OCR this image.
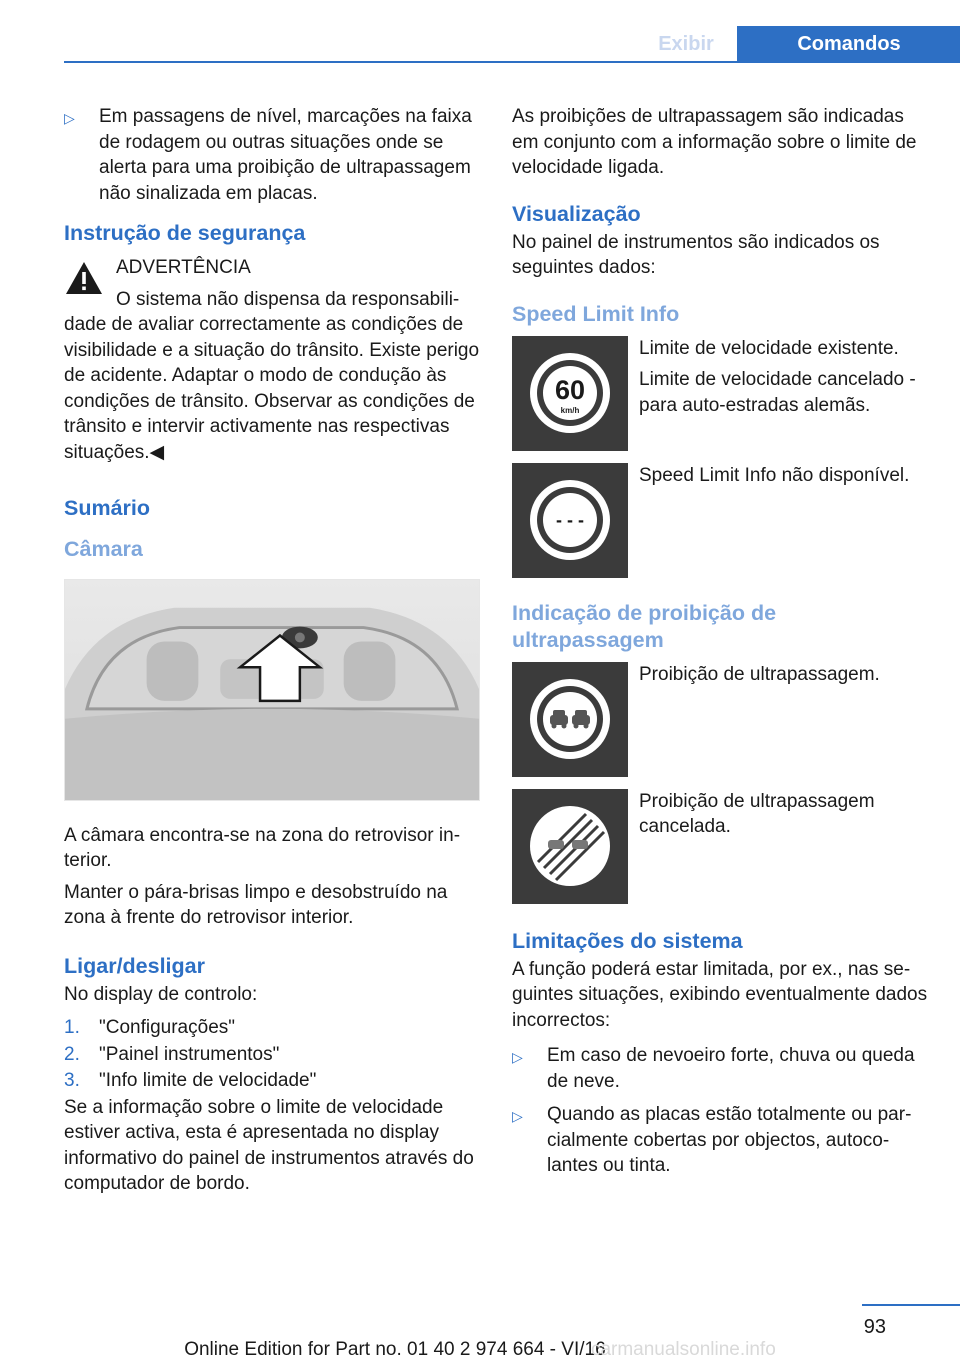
Exibir	Comandos
▷	Em passagens de nível, marcações na faixa de rodagem ou outras situações onde se alerta para uma proibição de ultrapassagem não sinalizada em placas.
Instrução de segurança
ADVERTÊNCIA
O sistema não dispensa da responsabilidade de avaliar correctamente as condições de visibilidade e a situação do trânsito. Existe perigo de acidente. Adaptar o modo de condução às condições de trânsito. Observar as condições de trânsito e intervir activamente nas respectivas situações.◀
Sumário
Câmara

A câmara encontra-se na zona do retrovisor interior.

Manter o pára-brisas limpo e desobstruído na zona à frente do retrovisor interior.

Ligar/desligar

No display de controlo:

1.	"Configurações"
2.	"Painel instrumentos"
3.	"Info limite de velocidade"

Se a informação sobre o limite de velocidade estiver activa, esta é apresentada no display informativo do painel de instrumentos através do computador de bordo.

As proibições de ultrapassagem são indicadas em conjunto com a informação sobre o limite de velocidade ligada.

Visualização

No painel de instrumentos são indicados os seguintes dados:

Speed Limit Info
60
km/h

Limite de velocidade existente.

Limite de velocidade cancelado - para auto-estradas alemãs.

- - -

Speed Limit Info não disponível.

Indicação de proibição de ultrapassagem

Proibição de ultrapassagem.

Proibição de ultrapassagem cancelada.

Limitações do sistema

A função poderá estar limitada, por ex., nas seguintes situações, exibindo eventualmente dados incorrectos:

▷	Em caso de nevoeiro forte, chuva ou queda de neve.
▷	Quando as placas estão totalmente ou parcialmente cobertas por objectos, autocolantes ou tinta.
93
Online Edition for Part no. 01 40 2 974 664 - VI/16 carmanualsonline.info
